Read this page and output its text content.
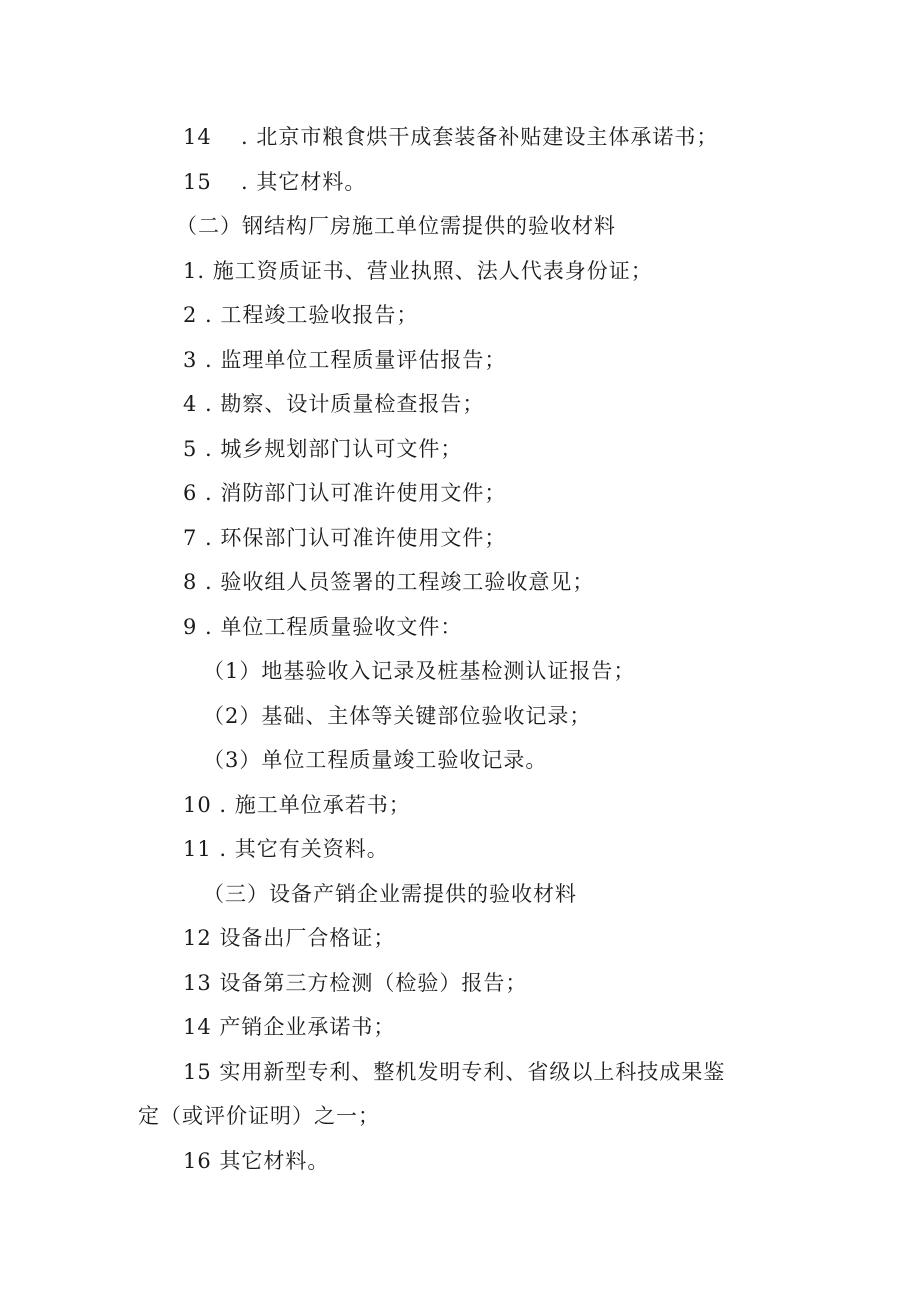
14 . 北京市粮食烘干成套装备补贴建设主体承诺书；
15 . 其它材料。
（二）钢结构厂房施工单位需提供的验收材料
1. 施工资质证书、营业执照、法人代表身份证；
2 . 工程竣工验收报告；
3 . 监理单位工程质量评估报告；
4 . 勘察、设计质量检查报告；
5 . 城乡规划部门认可文件；
6 . 消防部门认可准许使用文件；
7 . 环保部门认可准许使用文件；
8 . 验收组人员签署的工程竣工验收意见；
9 . 单位工程质量验收文件：
（1）地基验收入记录及桩基检测认证报告；
（2）基础、主体等关键部位验收记录；
（3）单位工程质量竣工验收记录。
10 . 施工单位承若书；
11 . 其它有关资料。
（三）设备产销企业需提供的验收材料
12 设备出厂合格证；
13 设备第三方检测（检验）报告；
14 产销企业承诺书；
15 实用新型专利、整机发明专利、省级以上科技成果鉴
定（或评价证明）之一；
16 其它材料。
